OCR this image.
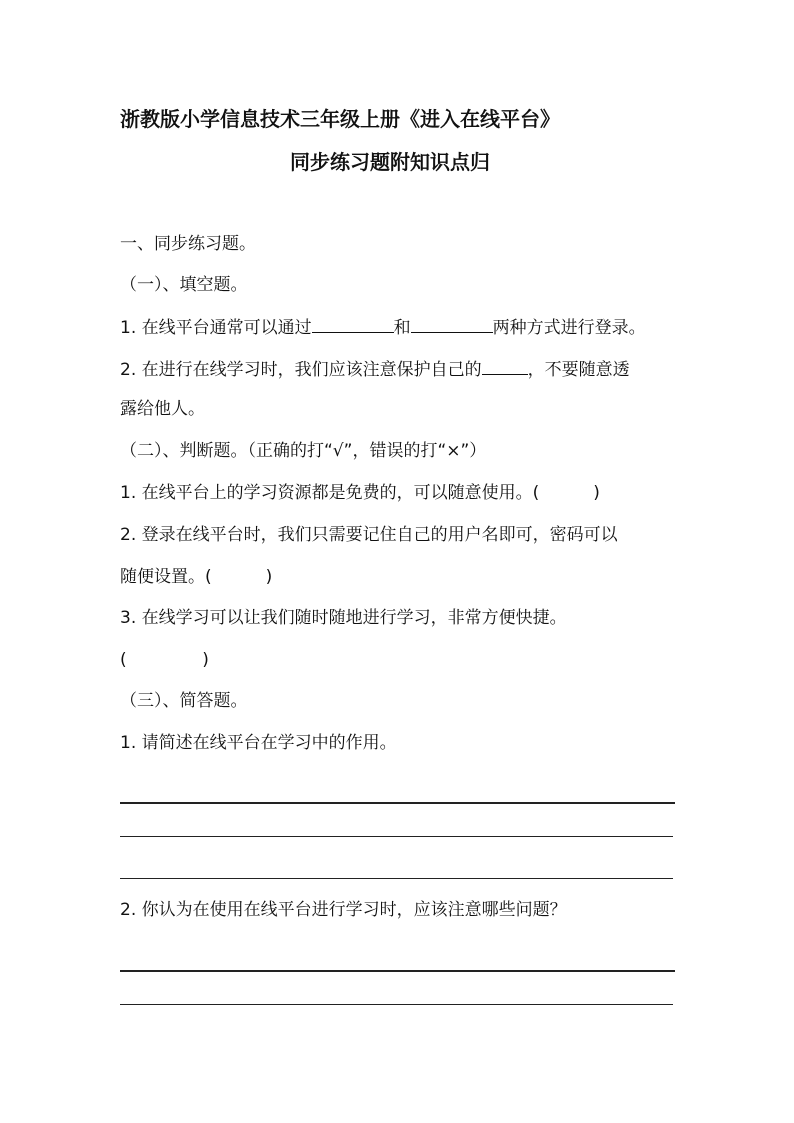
浙教版小学信息技术三年级上册《进入在线平台》
同步练习题附知识点归
一、同步练习题。
（一）、填空题。
1. 在线平台通常可以通过	和	两种方式进行登录。
2. 在进行在线学习时，我们应该注意保护自己的	，不要随意透
露给他人。
（二）、判断题。（正确的打“√”，错误的打“×”）
1. 在线平台上的学习资源都是免费的，可以随意使用。(          )
2. 登录在线平台时，我们只需要记住自己的用户名即可，密码可以
随便设置。(          )
3. 在线学习可以让我们随时随地进行学习，非常方便快捷。
(              )
（三）、简答题。
1. 请简述在线平台在学习中的作用。
2. 你认为在使用在线平台进行学习时，应该注意哪些问题？
